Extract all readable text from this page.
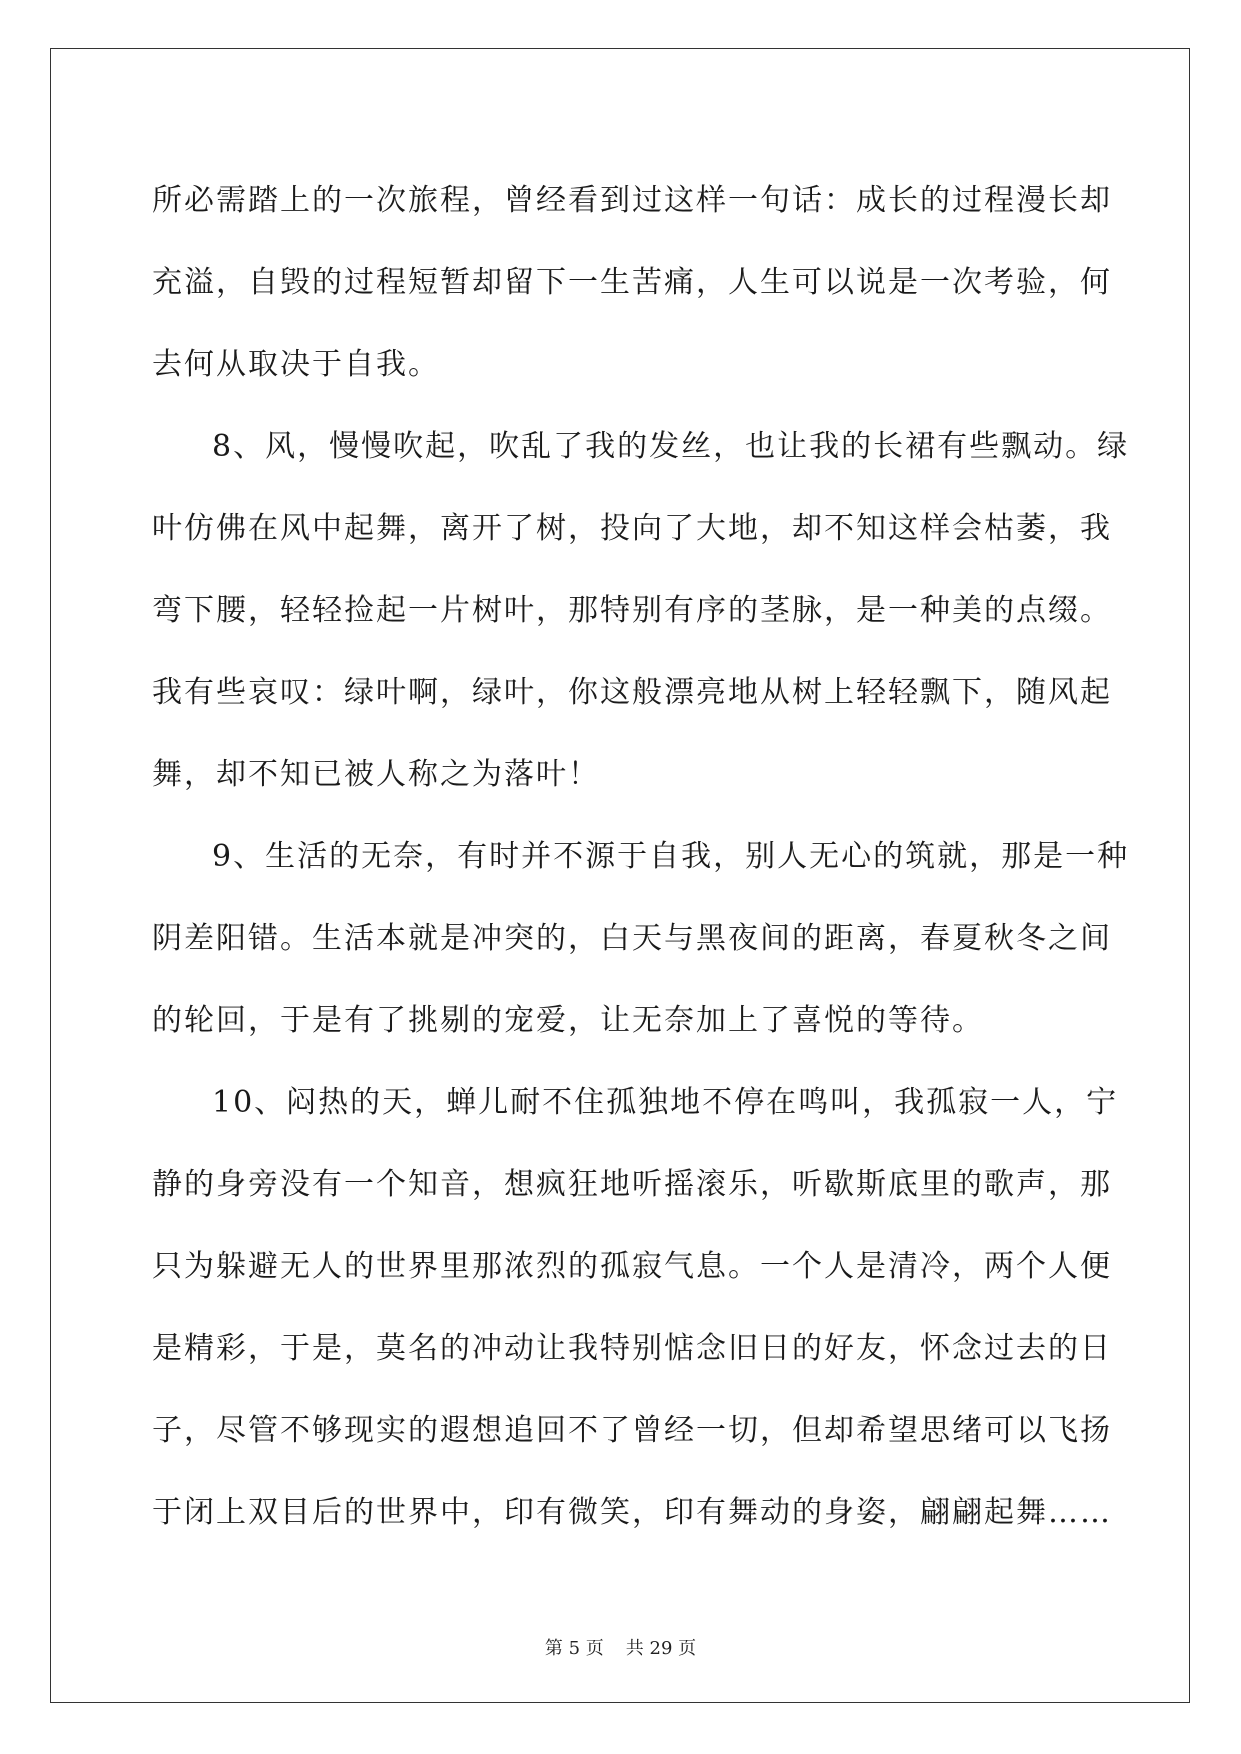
所必需踏上的一次旅程，曾经看到过这样一句话：成长的过程漫长却
充溢，自毁的过程短暂却留下一生苦痛，人生可以说是一次考验，何
去何从取决于自我。
8、风，慢慢吹起，吹乱了我的发丝，也让我的长裙有些飘动。绿
叶仿佛在风中起舞，离开了树，投向了大地，却不知这样会枯萎，我
弯下腰，轻轻捡起一片树叶，那特别有序的茎脉，是一种美的点缀。
我有些哀叹：绿叶啊，绿叶，你这般漂亮地从树上轻轻飘下，随风起
舞，却不知已被人称之为落叶！
9、生活的无奈，有时并不源于自我，别人无心的筑就，那是一种
阴差阳错。生活本就是冲突的，白天与黑夜间的距离，春夏秋冬之间
的轮回，于是有了挑剔的宠爱，让无奈加上了喜悦的等待。
10、闷热的天，蝉儿耐不住孤独地不停在鸣叫，我孤寂一人，宁
静的身旁没有一个知音，想疯狂地听摇滚乐，听歇斯底里的歌声，那
只为躲避无人的世界里那浓烈的孤寂气息。一个人是清冷，两个人便
是精彩，于是，莫名的冲动让我特别惦念旧日的好友，怀念过去的日
子，尽管不够现实的遐想追回不了曾经一切，但却希望思绪可以飞扬
于闭上双目后的世界中，印有微笑，印有舞动的身姿，翩翩起舞……
第 5 页 共 29 页
